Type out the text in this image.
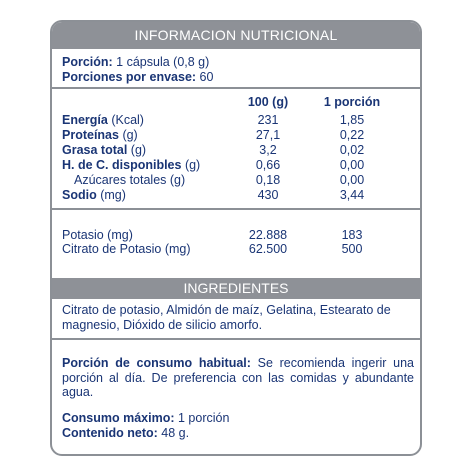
INFORMACION NUTRICIONAL
Porción: 1 cápsula (0,8 g)
Porciones por envase: 60
100 (g)	1 porción
Energía (Kcal)	231	1,85
Proteínas (g)	27,1	0,22
Grasa total (g)	3,2	0,02
H. de C. disponibles (g)	0,66	0,00
Azúcares totales (g)	0,18	0,00
Sodio (mg)	430	3,44
Potasio (mg)	22.888	183
Citrato de Potasio (mg)	62.500	500
INGREDIENTES
Citrato de potasio, Almidón de maíz, Gelatina, Estearato de
magnesio, Dióxido de silicio amorfo.
Porción de consumo habitual: Se recomienda ingerir una porción al día. De preferencia con las comidas y abundante agua.
Consumo máximo: 1 porción
Contenido neto: 48 g.
